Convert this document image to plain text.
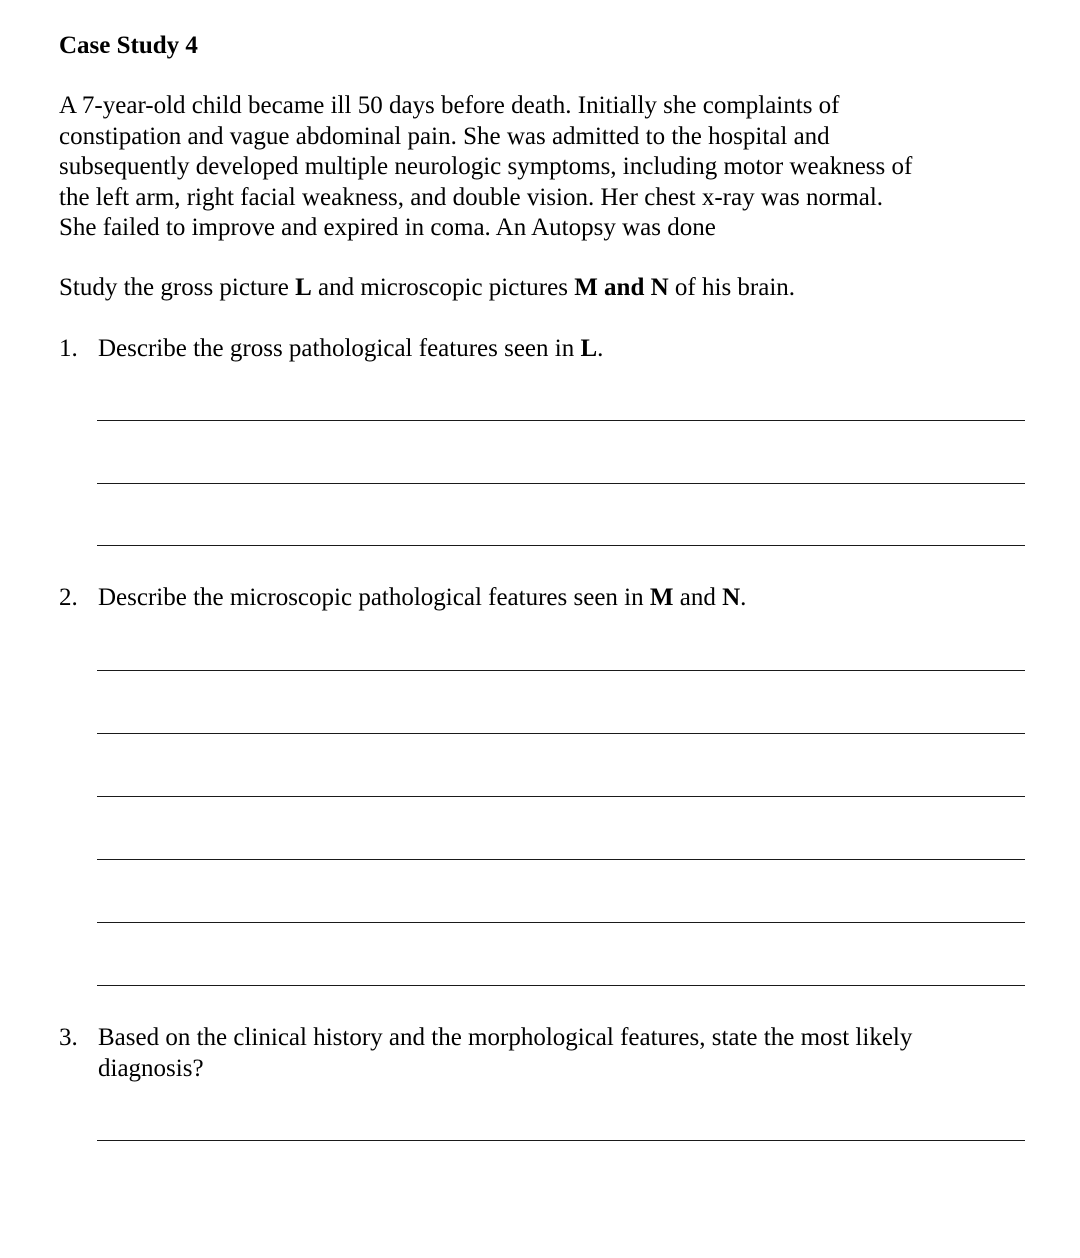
Case Study 4
A 7-year-old child became ill 50 days before death. Initially she complaints of
constipation and vague abdominal pain. She was admitted to the hospital and
subsequently developed multiple neurologic symptoms, including motor weakness of
the left arm, right facial weakness, and double vision. Her chest x-ray was normal.
She failed to improve and expired in coma. An Autopsy was done
Study the gross picture L and microscopic pictures M and N of his brain.
1. Describe the gross pathological features seen in L.
2. Describe the microscopic pathological features seen in M and N.
3. Based on the clinical history and the morphological features, state the most likely
diagnosis?
